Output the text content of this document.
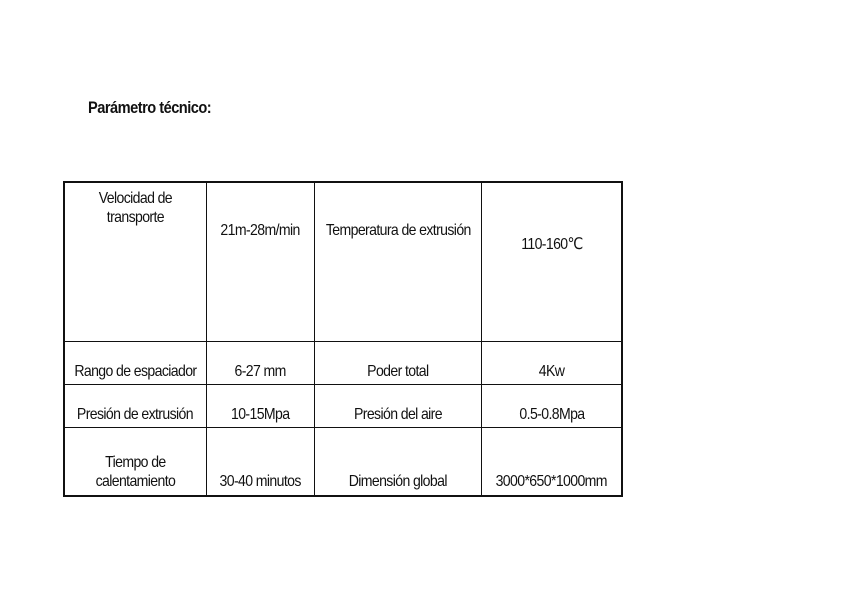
Parámetro técnico:
Velocidad de transporte	21m-28m/min	Temperatura de extrusión	110-160℃
Rango de espaciador	6-27 mm	Poder total	4Kw
Presión de extrusión	10-15Mpa	Presión del aire	0.5-0.8Mpa
Tiempo de calentamiento	30-40 minutos	Dimensión global	3000*650*1000mm
